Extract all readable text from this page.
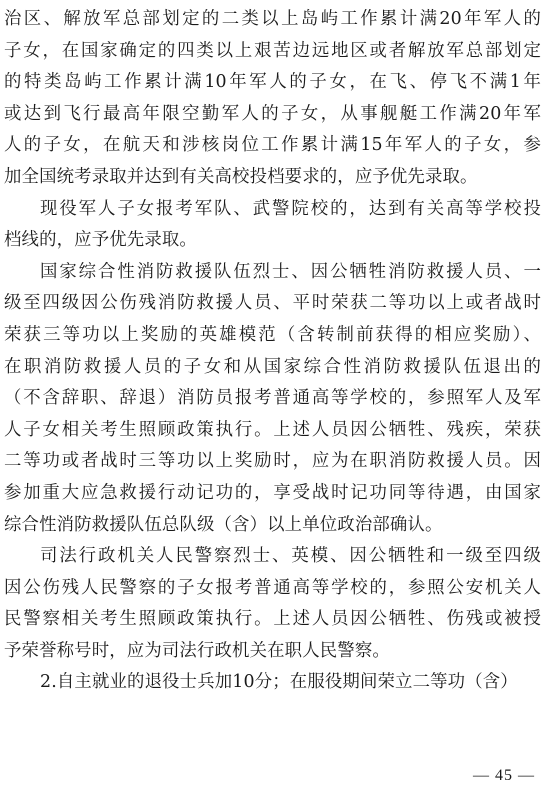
治区、解放军总部划定的二类以上岛屿工作累计满20年军人的
子女，在国家确定的四类以上艰苦边远地区或者解放军总部划定
的特类岛屿工作累计满10年军人的子女，在飞、停飞不满1年
或达到飞行最高年限空勤军人的子女，从事舰艇工作满20年军
人的子女，在航天和涉核岗位工作累计满15年军人的子女，参
加全国统考录取并达到有关高校投档要求的，应予优先录取。
现役军人子女报考军队、武警院校的，达到有关高等学校投
档线的，应予优先录取。
国家综合性消防救援队伍烈士、因公牺牲消防救援人员、一
级至四级因公伤残消防救援人员、平时荣获二等功以上或者战时
荣获三等功以上奖励的英雄模范（含转制前获得的相应奖励）、
在职消防救援人员的子女和从国家综合性消防救援队伍退出的
（不含辞职、辞退）消防员报考普通高等学校的，参照军人及军
人子女相关考生照顾政策执行。上述人员因公牺牲、残疾，荣获
二等功或者战时三等功以上奖励时，应为在职消防救援人员。因
参加重大应急救援行动记功的，享受战时记功同等待遇，由国家
综合性消防救援队伍总队级（含）以上单位政治部确认。
司法行政机关人民警察烈士、英模、因公牺牲和一级至四级
因公伤残人民警察的子女报考普通高等学校的，参照公安机关人
民警察相关考生照顾政策执行。上述人员因公牺牲、伤残或被授
予荣誉称号时，应为司法行政机关在职人民警察。
2.自主就业的退役士兵加10分；在服役期间荣立二等功（含）
— 45 —
